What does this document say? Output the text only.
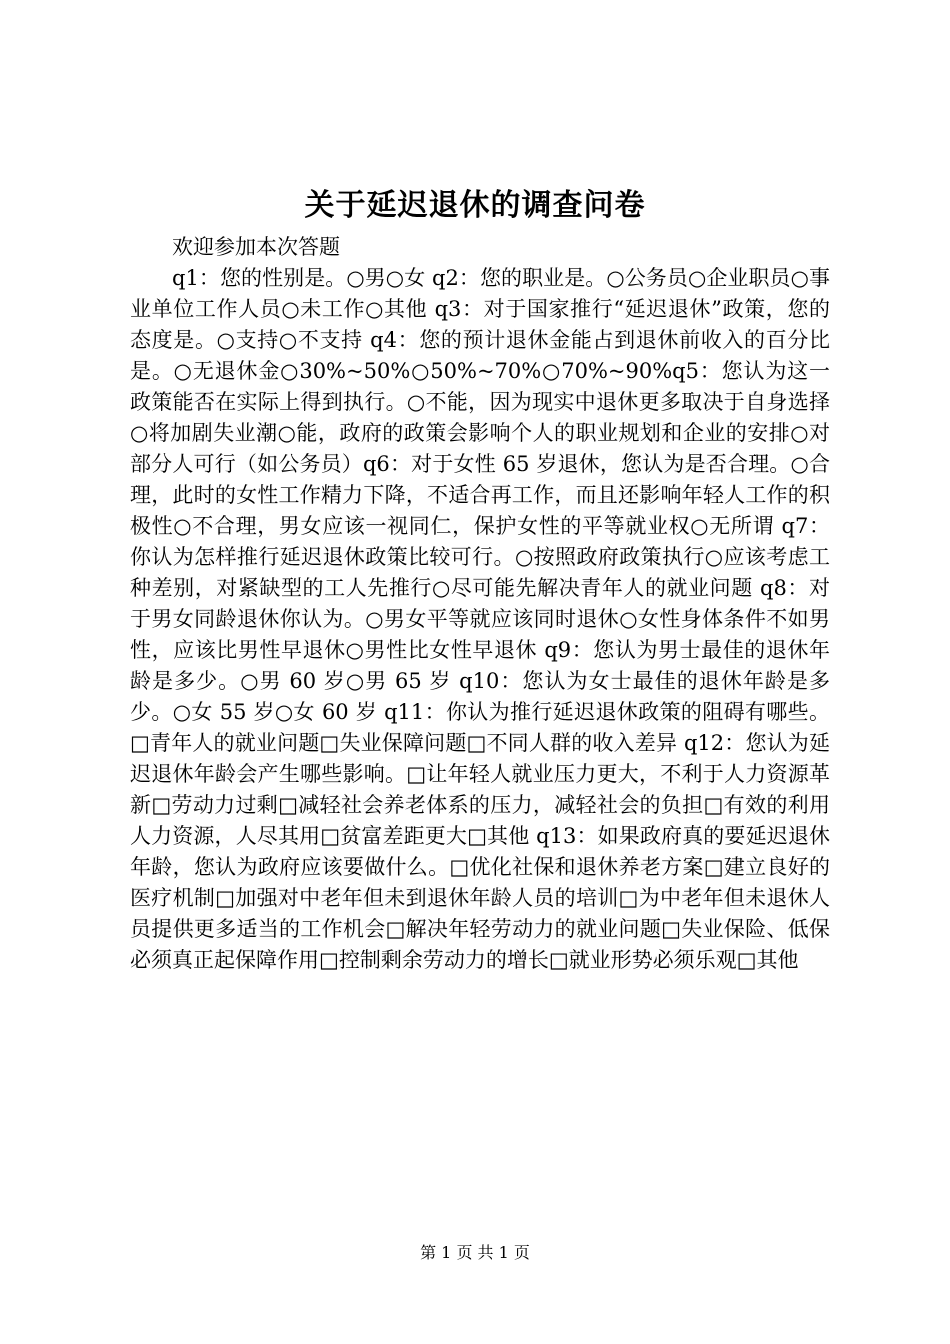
关于延迟退休的调查问卷

欢迎参加本次答题

q1：您的性别是。○男○女 q2：您的职业是。○公务员○企业职员○事业单位工作人员○未工作○其他 q3：对于国家推行“延迟退休”政策，您的态度是。○支持○不支持 q4：您的预计退休金能占到退休前收入的百分比是。○无退休金○30%~50%○50%~70%○70%~90%q5：您认为这一政策能否在实际上得到执行。○不能，因为现实中退休更多取决于自身选择○将加剧失业潮○能，政府的政策会影响个人的职业规划和企业的安排○对部分人可行（如公务员）q6：对于女性 65 岁退休，您认为是否合理。○合理，此时的女性工作精力下降，不适合再工作，而且还影响年轻人工作的积极性○不合理，男女应该一视同仁，保护女性的平等就业权○无所谓 q7：你认为怎样推行延迟退休政策比较可行。○按照政府政策执行○应该考虑工种差别，对紧缺型的工人先推行○尽可能先解决青年人的就业问题 q8：对于男女同龄退休你认为。○男女平等就应该同时退休○女性身体条件不如男性，应该比男性早退休○男性比女性早退休 q9：您认为男士最佳的退休年龄是多少。○男 60 岁○男 65 岁 q10：您认为女士最佳的退休年龄是多少。○女 55 岁○女 60 岁 q11：你认为推行延迟退休政策的阻碍有哪些。□青年人的就业问题□失业保障问题□不同人群的收入差异 q12：您认为延迟退休年龄会产生哪些影响。□让年轻人就业压力更大，不利于人力资源革新□劳动力过剩□减轻社会养老体系的压力，减轻社会的负担□有效的利用人力资源，人尽其用□贫富差距更大□其他 q13：如果政府真的要延迟退休年龄，您认为政府应该要做什么。□优化社保和退休养老方案□建立良好的医疗机制□加强对中老年但未到退休年龄人员的培训□为中老年但未退休人员提供更多适当的工作机会□解决年轻劳动力的就业问题□失业保险、低保必须真正起保障作用□控制剩余劳动力的增长□就业形势必须乐观□其他

第 1 页 共 1 页
